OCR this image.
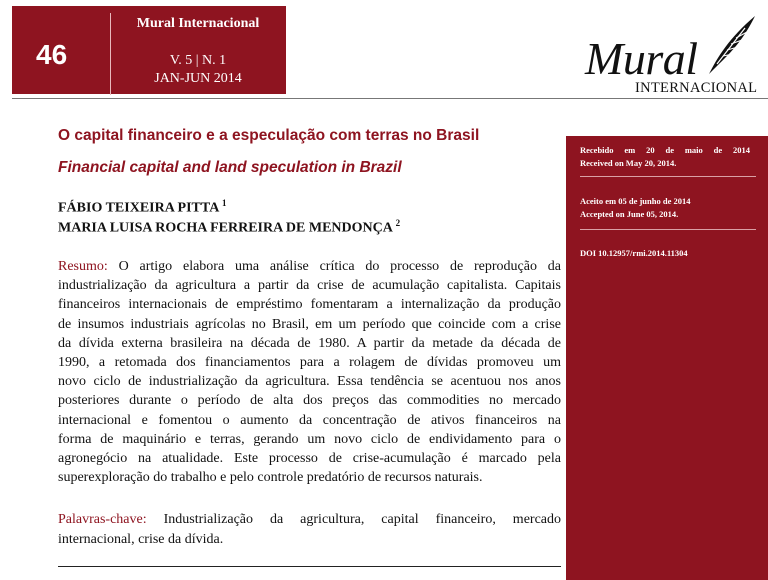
46
Mural Internacional
V. 5 | N. 1
JAN-JUN 2014	Mural
INTERNACIONAL
O capital financeiro e a especulação com terras no Brasil
Financial capital and land speculation in Brazil
FÁBIO TEIXEIRA PITTA $^1$
MARIA LUISA ROCHA FERREIRA DE MENDONÇA $^2$
Recebido em 20 de maio de 2014
Received on May 20, 2014.
Aceito em 05 de junho de 2014
Accepted on June 05, 2014.
DOI 10.12957/rmi.2014.11304
Resumo: O artigo elabora uma análise crítica do processo de reprodução da
industrialização da agricultura a partir da crise de acumulação capitalista. Capitais
financeiros internacionais de empréstimo fomentaram a internalização da produção
de insumos industriais agrícolas no Brasil, em um período que coincide com a crise
da dívida externa brasileira na década de 1980. A partir da metade da década de
1990, a retomada dos financiamentos para a rolagem de dívidas promoveu um
novo ciclo de industrialização da agricultura. Essa tendência se acentuou nos anos
posteriores durante o período de alta dos preços das commodities no mercado
internacional e fomentou o aumento da concentração de ativos financeiros na
forma de maquinário e terras, gerando um novo ciclo de endividamento para o
agronegócio na atualidade. Este processo de crise-acumulação é marcado pela
superexploração do trabalho e pelo controle predatório de recursos naturais.
Palavras-chave: Industrialização da agricultura, capital financeiro, mercado
internacional, crise da dívida.
